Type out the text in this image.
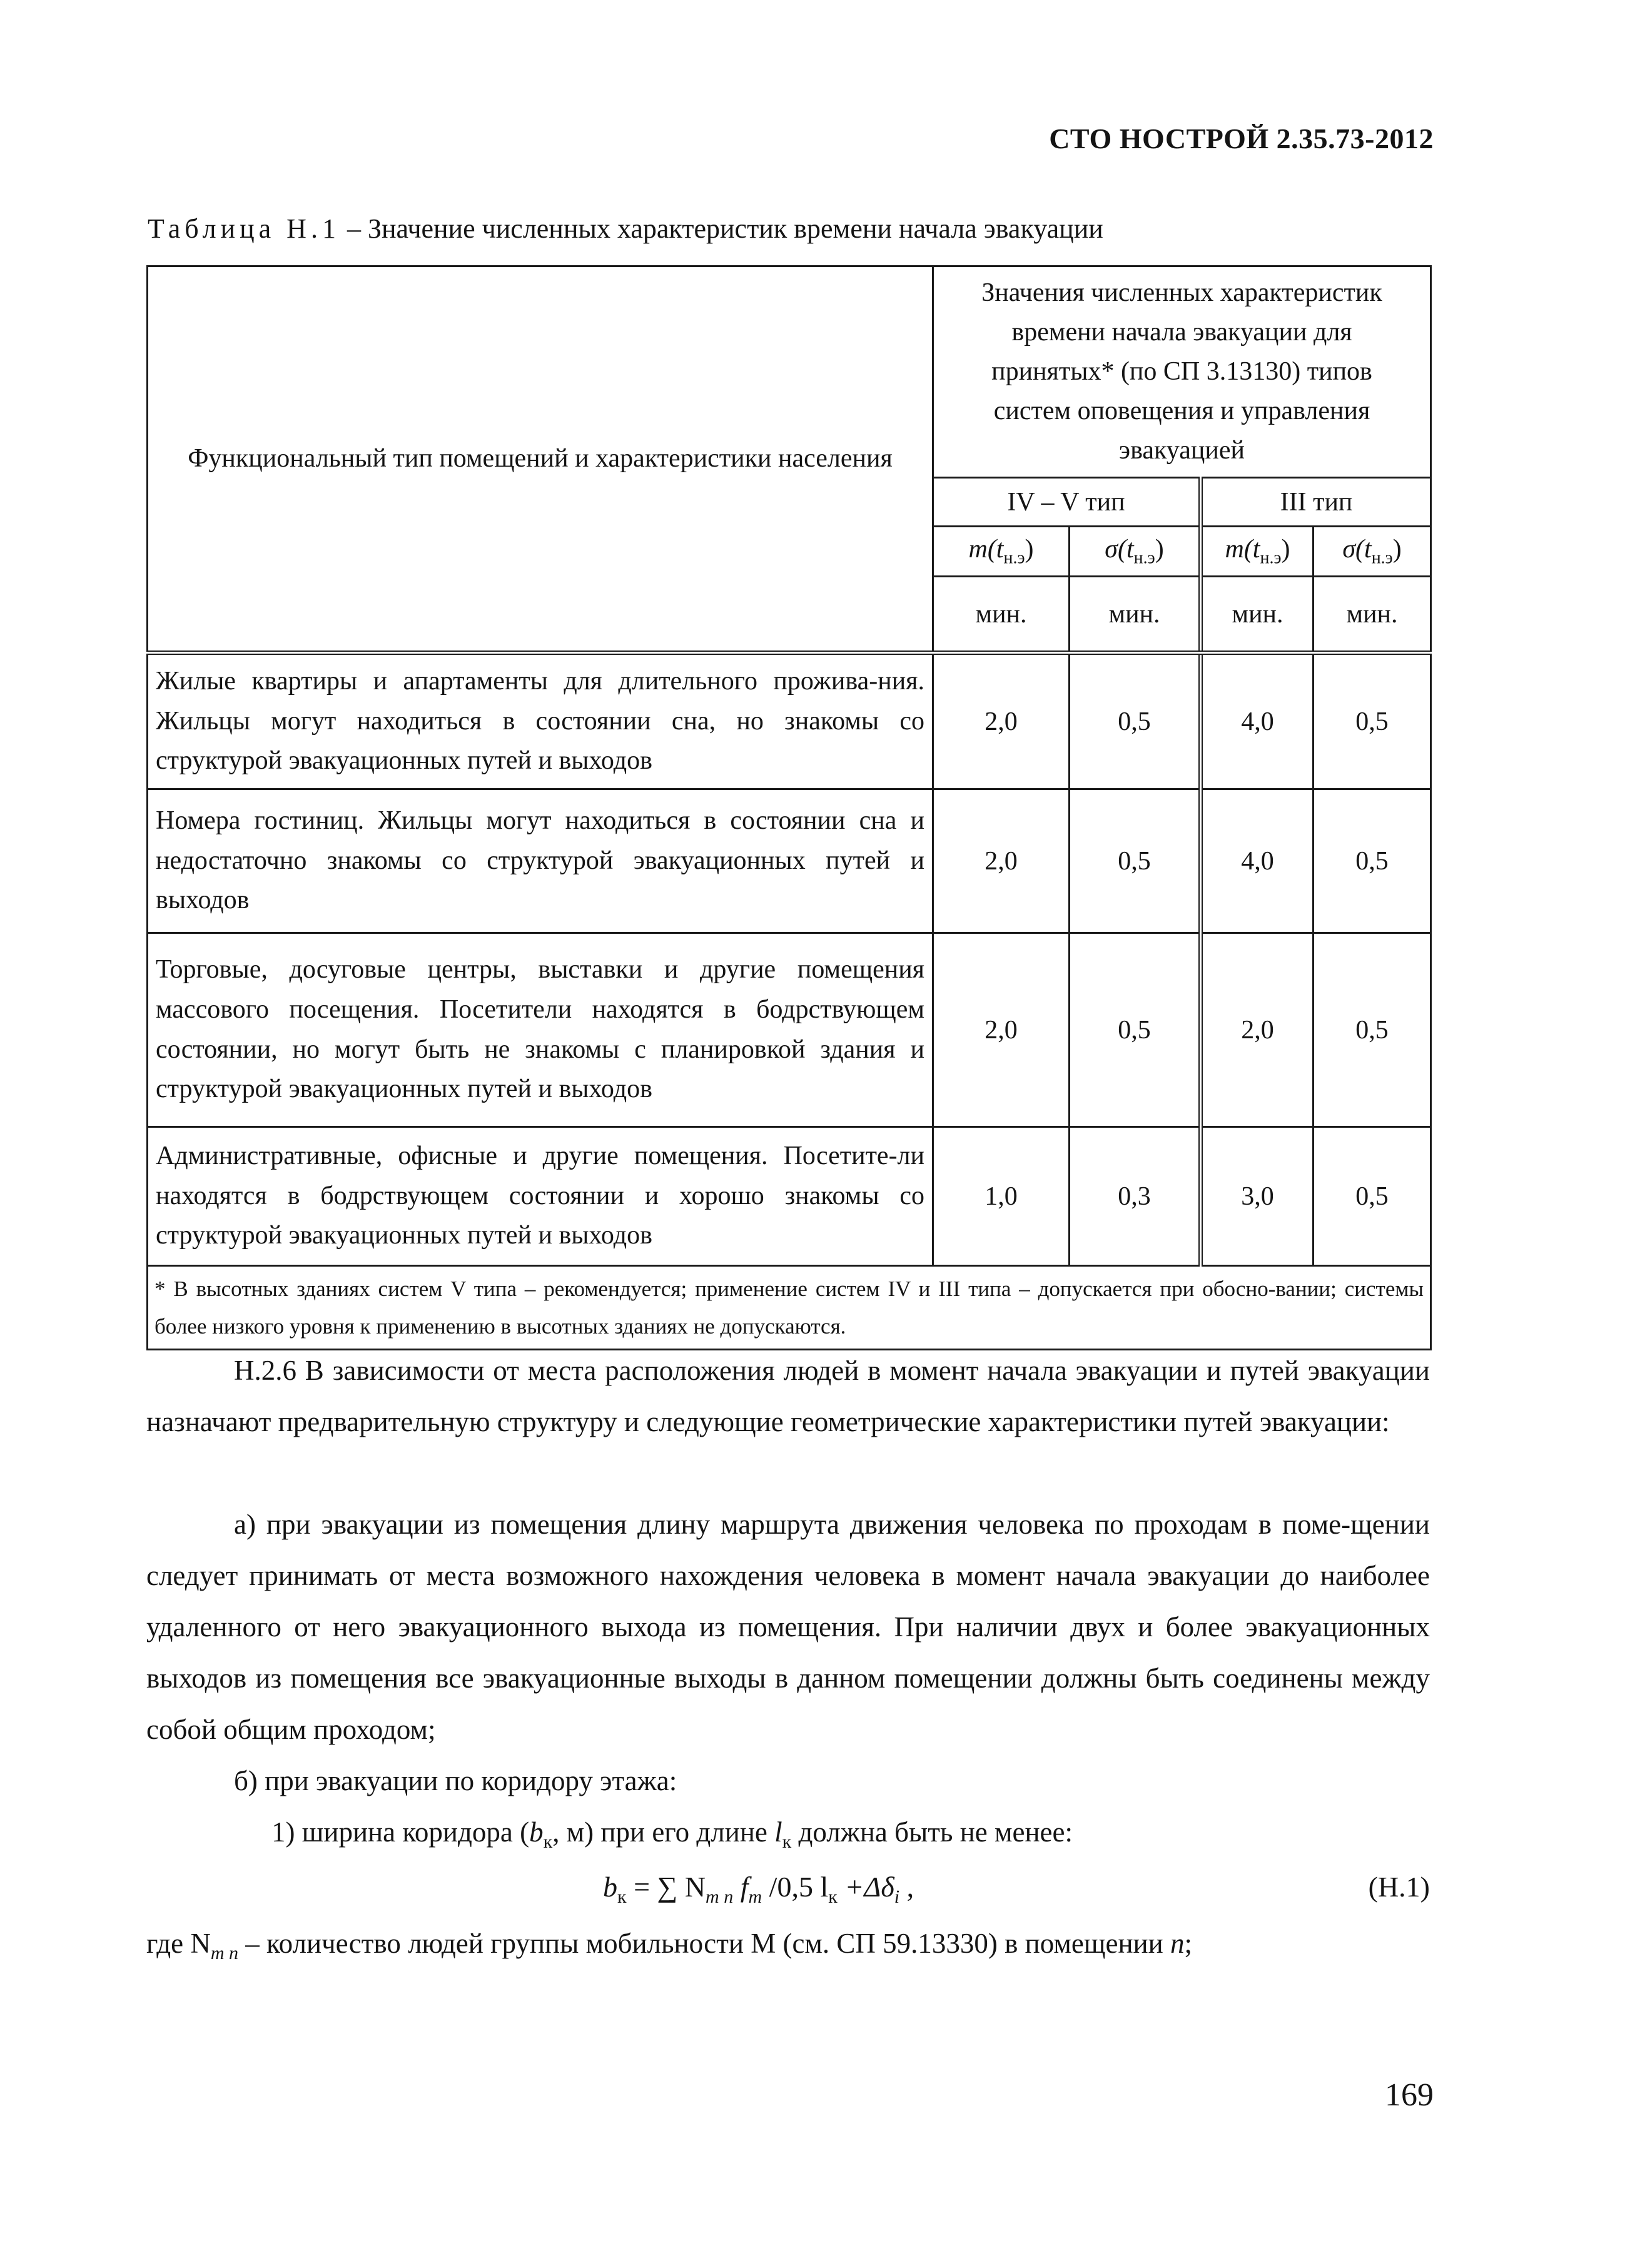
СТО НОСТРОЙ 2.35.73-2012
Таблица Н.1 – Значение численных характеристик времени начала эвакуации
Функциональный тип помещений и характеристики населения	Значения численных характеристик времени начала эвакуации для принятых* (по СП 3.13130) типов систем оповещения и управления эвакуацией			
	IV – V тип		III тип	
	$m(t_{н.э})$	$\sigma(t_{н.э})$	$m(t_{н.э})$	$\sigma(t_{н.э})$
	мин.	мин.	мин.	мин.
Жилые квартиры и апартаменты для длительного прожива-ния. Жильцы могут находиться в состоянии сна, но знакомы со структурой эвакуационных путей и выходов	2,0	0,5	4,0	0,5
Номера гостиниц. Жильцы могут находиться в состоянии сна и недостаточно знакомы со структурой эвакуационных путей и выходов	2,0	0,5	4,0	0,5
Торговые, досуговые центры, выставки и другие помещения массового посещения. Посетители находятся в бодрствующем состоянии, но могут быть не знакомы с планировкой здания и структурой эвакуационных путей и выходов	2,0	0,5	2,0	0,5
Административные, офисные и другие помещения. Посетите-ли находятся в бодрствующем состоянии и хорошо знакомы со структурой эвакуационных путей и выходов	1,0	0,3	3,0	0,5
* В высотных зданиях систем V типа – рекомендуется; применение систем IV и III типа – допускается при обосно-вании; системы более низкого уровня к применению в высотных зданиях не допускаются.				
Н.2.6 В зависимости от места расположения людей в момент начала эвакуации и путей эвакуации назначают предварительную структуру и следующие геометрические характеристики путей эвакуации:
а) при эвакуации из помещения длину маршрута движения человека по проходам в поме-щении следует принимать от места возможного нахождения человека в момент начала эвакуации до наиболее удаленного от него эвакуационного выхода из помещения. При наличии двух и более эвакуационных выходов из помещения все эвакуационные выходы в данном помещении должны быть соединены между собой общим проходом;
б) при эвакуации по коридору этажа:
1) ширина коридора ($b_к$, м) при его длине $l_к$ должна быть не менее:
$b_к$ = ∑ $N_{m n}$ $f_m$ /0,5 $l_к +\Delta\delta_i$ ,	(Н.1)
где $N_{m n}$ – количество людей группы мобильности М (см. СП 59.13330) в помещении n;
169
